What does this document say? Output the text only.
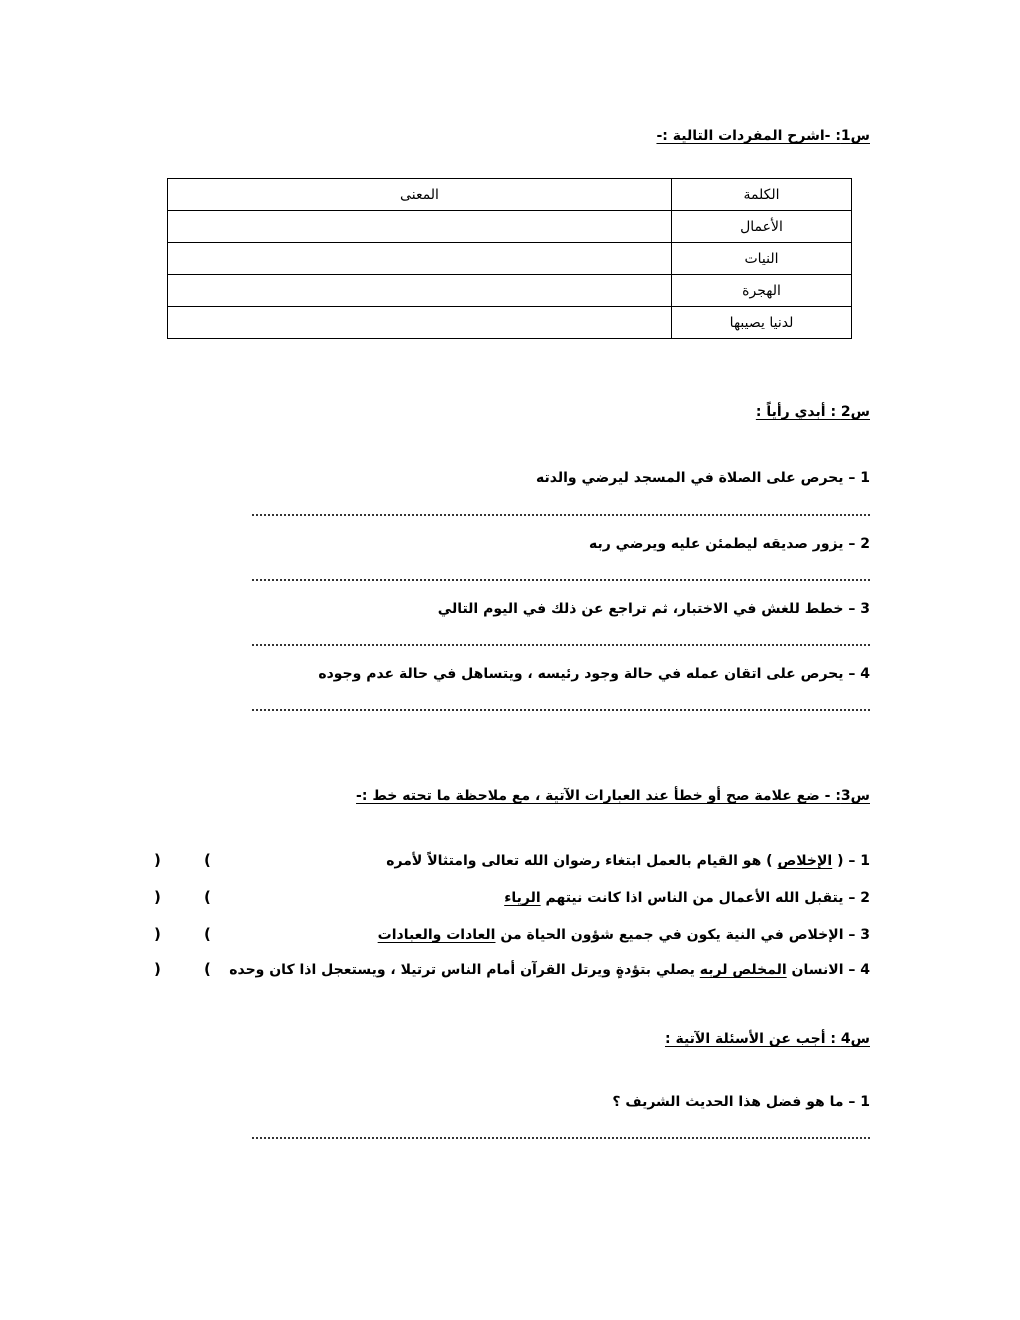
س1: -اشرح المفردات التالية :-
الكلمة	المعنى
الأعمال	
النيات	
الهجرة	
لدنيا يصيبها	
س2 : أبدي رأياً :
1 – يحرص على الصلاة في المسجد ليرضي والدته
2 – يزور صديقه ليطمئن عليه ويرضي ربه
3 – خطط للغش في الاختبار، ثم تراجع عن ذلك في اليوم التالي
4 – يحرص على اتقان عمله في حالة وجود رئيسه ، ويتساهل في حالة عدم وجوده
س3: - ضع علامة صح أو خطأ عند العبارات الآتية ، مع ملاحظة ما تحته خط :-
1 – ( الإخلاص ) هو القيام بالعمل ابتغاء رضوان الله تعالى وامتثالاً لأمره
2 – يتقبل الله الأعمال من الناس اذا كانت نيتهم الرياء
3 – الإخلاص في النية يكون في جميع شؤون الحياة من العادات والعبادات
4 – الانسان المخلص لربه يصلي بتؤدةٍ ويرتل القرآن أمام الناس ترتيلا ، ويستعجل اذا كان وحده
(
)
(
)
(
)
(
)
س4 : أجب عن الأسئلة الآتية :
1 – ما هو فضل هذا الحديث الشريف ؟
